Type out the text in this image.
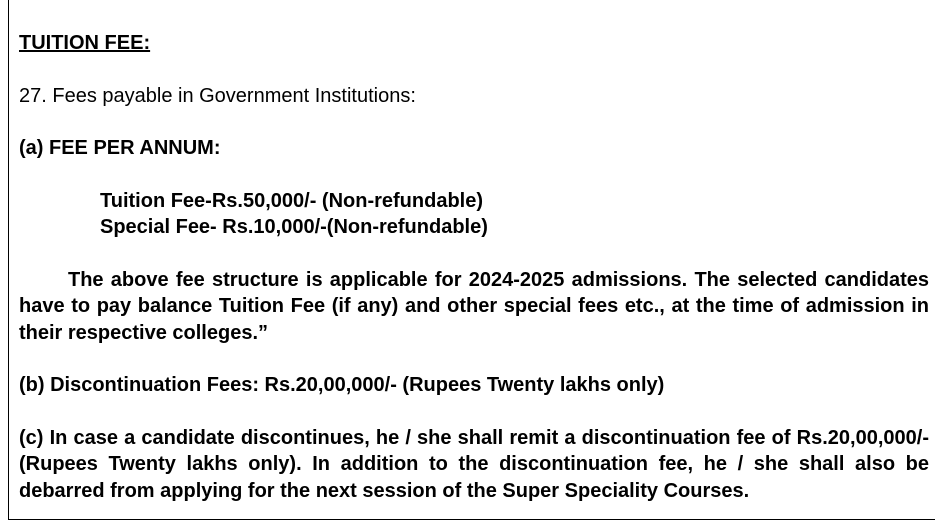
TUITION FEE:

27. Fees payable in Government Institutions:

(a) FEE PER ANNUM:

Tuition Fee-Rs.50,000/- (Non-refundable)
Special Fee- Rs.10,000/-(Non-refundable)

The above fee structure is applicable for 2024-2025 admissions. The selected candidates have to pay balance Tuition Fee (if any) and other special fees etc., at the time of admission in their respective colleges.”

(b) Discontinuation Fees: Rs.20,00,000/- (Rupees Twenty lakhs only)

(c) In case a candidate discontinues, he / she shall remit a discontinuation fee of Rs.20,00,000/- (Rupees Twenty lakhs only). In addition to the discontinuation fee, he / she shall also be debarred from applying for the next session of the Super Speciality Courses.
